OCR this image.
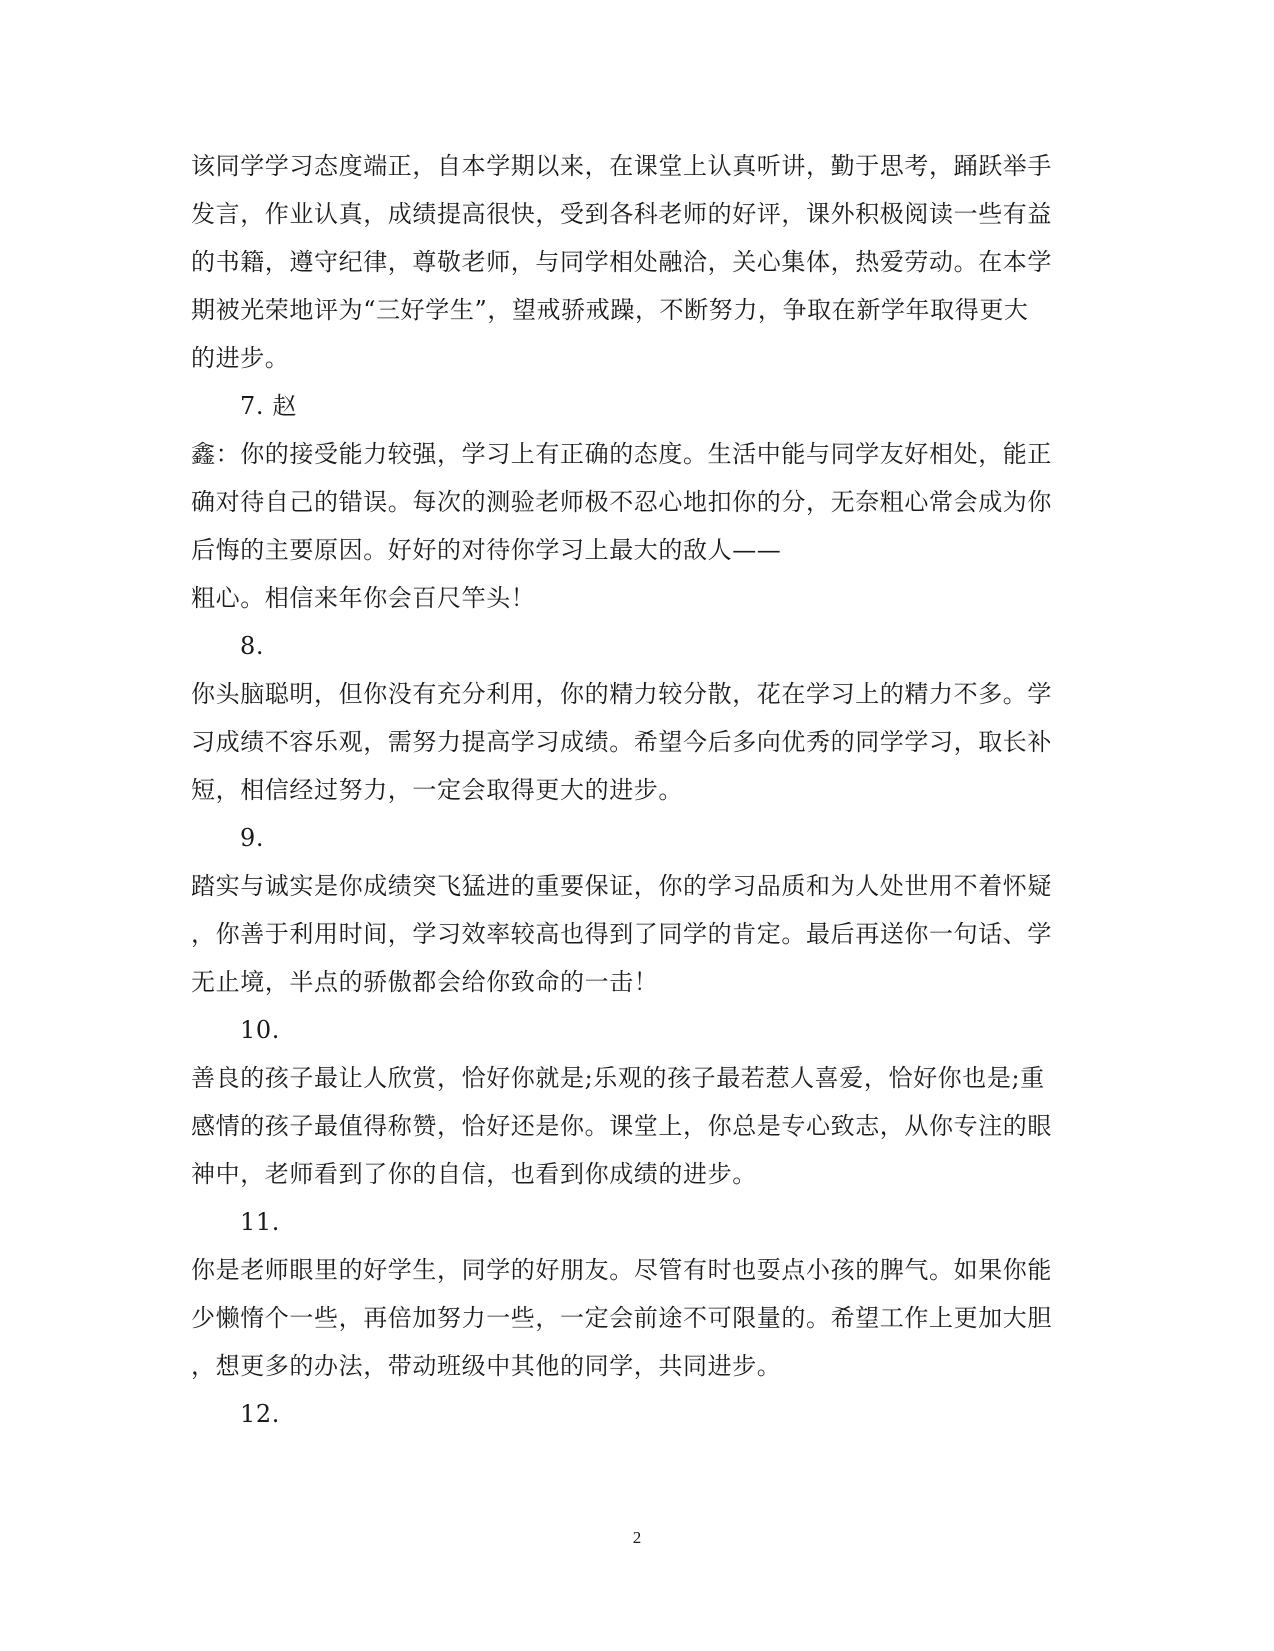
该同学学习态度端正，自本学期以来，在课堂上认真听讲，勤于思考，踊跃举手
发言，作业认真，成绩提高很快，受到各科老师的好评，课外积极阅读一些有益
的书籍，遵守纪律，尊敬老师，与同学相处融洽，关心集体，热爱劳动。在本学
期被光荣地评为“三好学生”，望戒骄戒躁，不断努力，争取在新学年取得更大
的进步。
7. 赵
鑫：你的接受能力较强，学习上有正确的态度。生活中能与同学友好相处，能正
确对待自己的错误。每次的测验老师极不忍心地扣你的分，无奈粗心常会成为你
后悔的主要原因。好好的对待你学习上最大的敌人——
粗心。相信来年你会百尺竿头！
8.
你头脑聪明，但你没有充分利用，你的精力较分散，花在学习上的精力不多。学
习成绩不容乐观，需努力提高学习成绩。希望今后多向优秀的同学学习，取长补
短，相信经过努力，一定会取得更大的进步。
9.
踏实与诚实是你成绩突飞猛进的重要保证，你的学习品质和为人处世用不着怀疑
，你善于利用时间，学习效率较高也得到了同学的肯定。最后再送你一句话、学
无止境，半点的骄傲都会给你致命的一击！
10.
善良的孩子最让人欣赏，恰好你就是;乐观的孩子最若惹人喜爱，恰好你也是;重
感情的孩子最值得称赞，恰好还是你。课堂上，你总是专心致志，从你专注的眼
神中，老师看到了你的自信，也看到你成绩的进步。
11.
你是老师眼里的好学生，同学的好朋友。尽管有时也耍点小孩的脾气。如果你能
少懒惰个一些，再倍加努力一些，一定会前途不可限量的。希望工作上更加大胆
，想更多的办法，带动班级中其他的同学，共同进步。
12.
2
